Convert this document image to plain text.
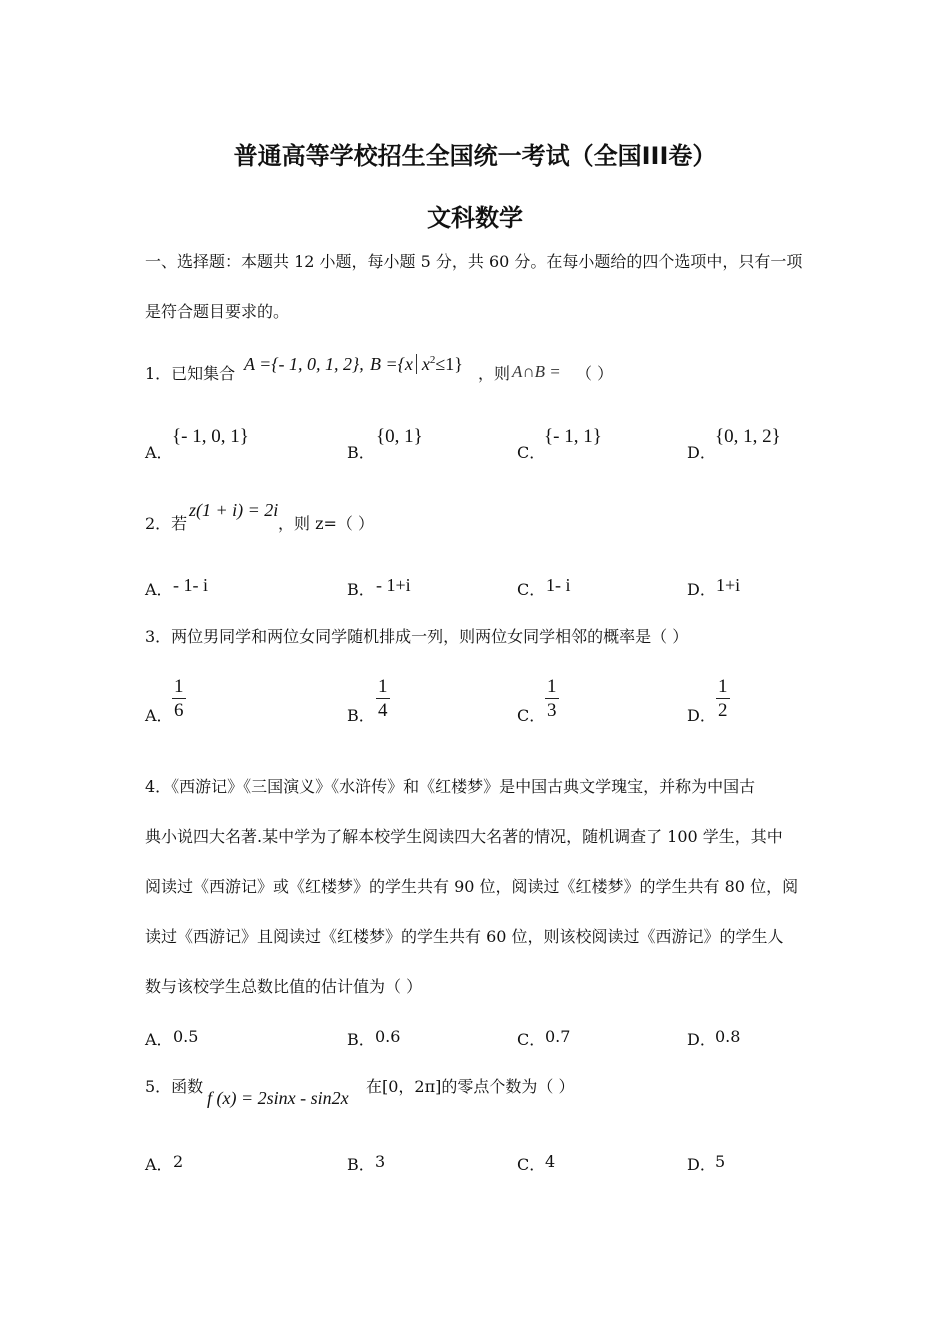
普通高等学校招生全国统一考试（全国III卷）
文科数学
一、选择题：本题共 12 小题，每小题 5 分，共 60 分。在每小题给的四个选项中，只有一项
是符合题目要求的。
1．已知集合 A ={- 1, 0, 1, 2}, B ={x $x^2\le 1$} ，则 A∩B = （ ）
A．
{- 1, 0, 1}
B．
{0, 1}
C．
{- 1, 1}
D．
{0, 1, 2}
2．若
z(1 + i) = 2i
，则 z=（ ）
A． - 1- i	B． - 1+i	C． 1- i	D． 1+i
3．两位男同学和两位女同学随机排成一列，则两位女同学相邻的概率是（ ）
A． $\frac{1}{6}$	B． $\frac{1}{4}$	C． $\frac{1}{3}$	D． $\frac{1}{2}$
4．《西游记》《三国演义》《水浒传》和《红楼梦》是中国古典文学瑰宝，并称为中国古
典小说四大名著.某中学为了解本校学生阅读四大名著的情况，随机调查了 100 学生，其中
阅读过《西游记》或《红楼梦》的学生共有 90 位，阅读过《红楼梦》的学生共有 80 位，阅
读过《西游记》且阅读过《红楼梦》的学生共有 60 位，则该校阅读过《西游记》的学生人
数与该校学生总数比值的估计值为（ ）
A． 0.5	B． 0.6	C． 0.7	D． 0.8
5．函数
f (x) = 2sinx - sin2x
在[0，2π]的零点个数为（ ）
A． 2	B． 3	C． 4	D． 5
